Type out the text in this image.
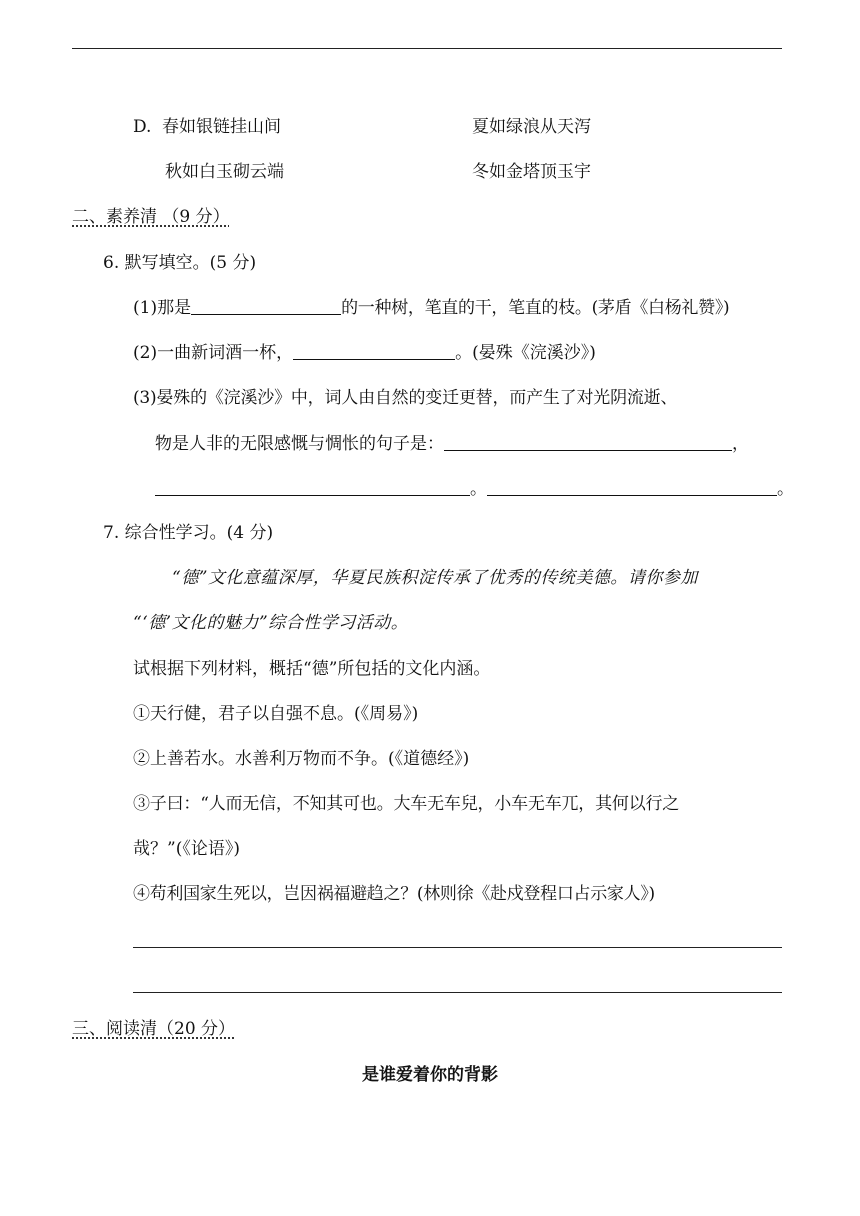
D. 春如银链挂山间	夏如绿浪从天泻
秋如白玉砌云端	冬如金塔顶玉宇
二、素养清 （9 分）
6. 默写填空。(5 分)
(1)那是	的一种树，笔直的干，笔直的枝。(茅盾《白杨礼赞》)
(2)一曲新词酒一杯，	。(晏殊《浣溪沙》)
(3)晏殊的《浣溪沙》中，词人由自然的变迁更替，而产生了对光阴流逝、
物是人非的无限感慨与惆怅的句子是：	，
。	。
7. 综合性学习。(4 分)
“德”文化意蕴深厚，华夏民族积淀传承了优秀的传统美德。请你参加
“‘德’文化的魅力”综合性学习活动。
试根据下列材料，概括“德”所包括的文化内涵。
①天行健，君子以自强不息。(《周易》)
②上善若水。水善利万物而不争。(《道德经》)
③子曰：“人而无信，不知其可也。大车无车兒，小车无车兀，其何以行之
哉？”(《论语》)
④苟利国家生死以，岂因祸福避趋之？(林则徐《赴戍登程口占示家人》)
三、阅读清（20 分）
是谁爱着你的背影
